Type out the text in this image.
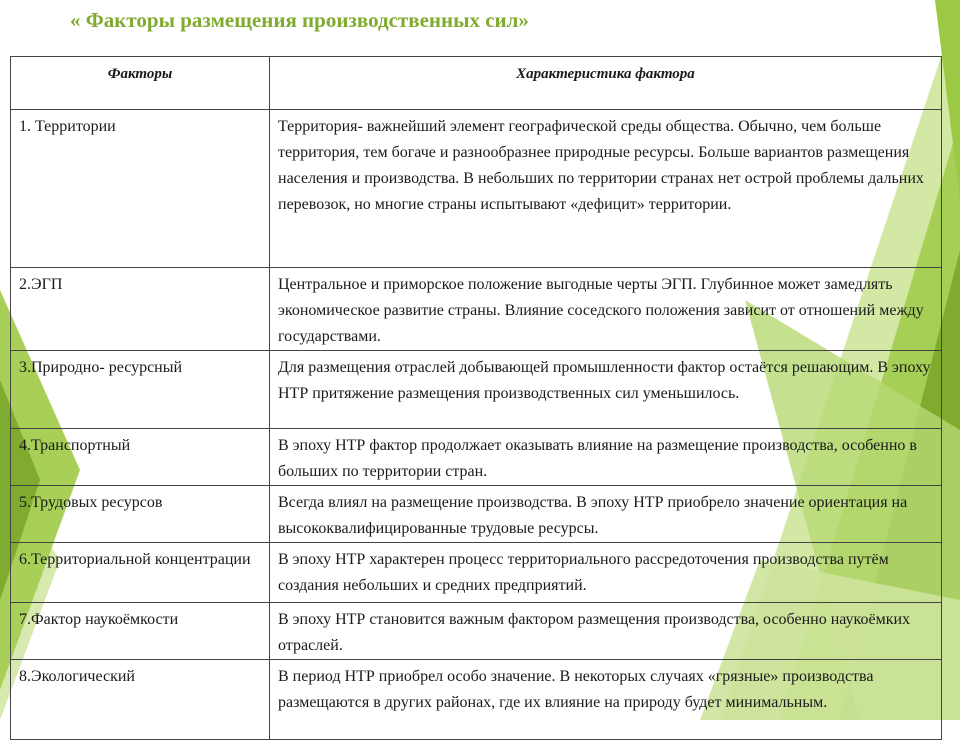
« Факторы размещения производственных сил»
Факторы	Характеристика фактора
1. Территории	Территория- важнейший элемент географической среды общества. Обычно, чем больше территория, тем богаче и разнообразнее природные ресурсы. Больше вариантов размещения населения и производства. В небольших по территории странах нет острой проблемы дальних перевозок, но многие страны испытывают «дефицит» территории.
2.ЭГП	Центральное и приморское положение выгодные черты ЭГП. Глубинное может замедлять экономическое развитие страны. Влияние соседского положения зависит от отношений между государствами.
3.Природно- ресурсный	Для размещения отраслей добывающей промышленности фактор остаётся решающим. В эпоху НТР притяжение размещения производственных сил уменьшилось.
4.Транспортный	В эпоху НТР фактор продолжает оказывать влияние на размещение производства, особенно в больших по территории стран.
5.Трудовых ресурсов	Всегда влиял на размещение производства. В эпоху НТР приобрело значение ориентация на высококвалифицированные трудовые ресурсы.
6.Территориальной концентрации	В эпоху НТР характерен процесс территориального рассредоточения производства путём создания небольших и средних предприятий.
7.Фактор наукоёмкости	В эпоху НТР становится важным фактором размещения производства, особенно наукоёмких отраслей.
8.Экологический	В период НТР приобрел особо значение. В некоторых случаях «грязные» производства размещаются в других районах, где их влияние на природу будет минимальным.
